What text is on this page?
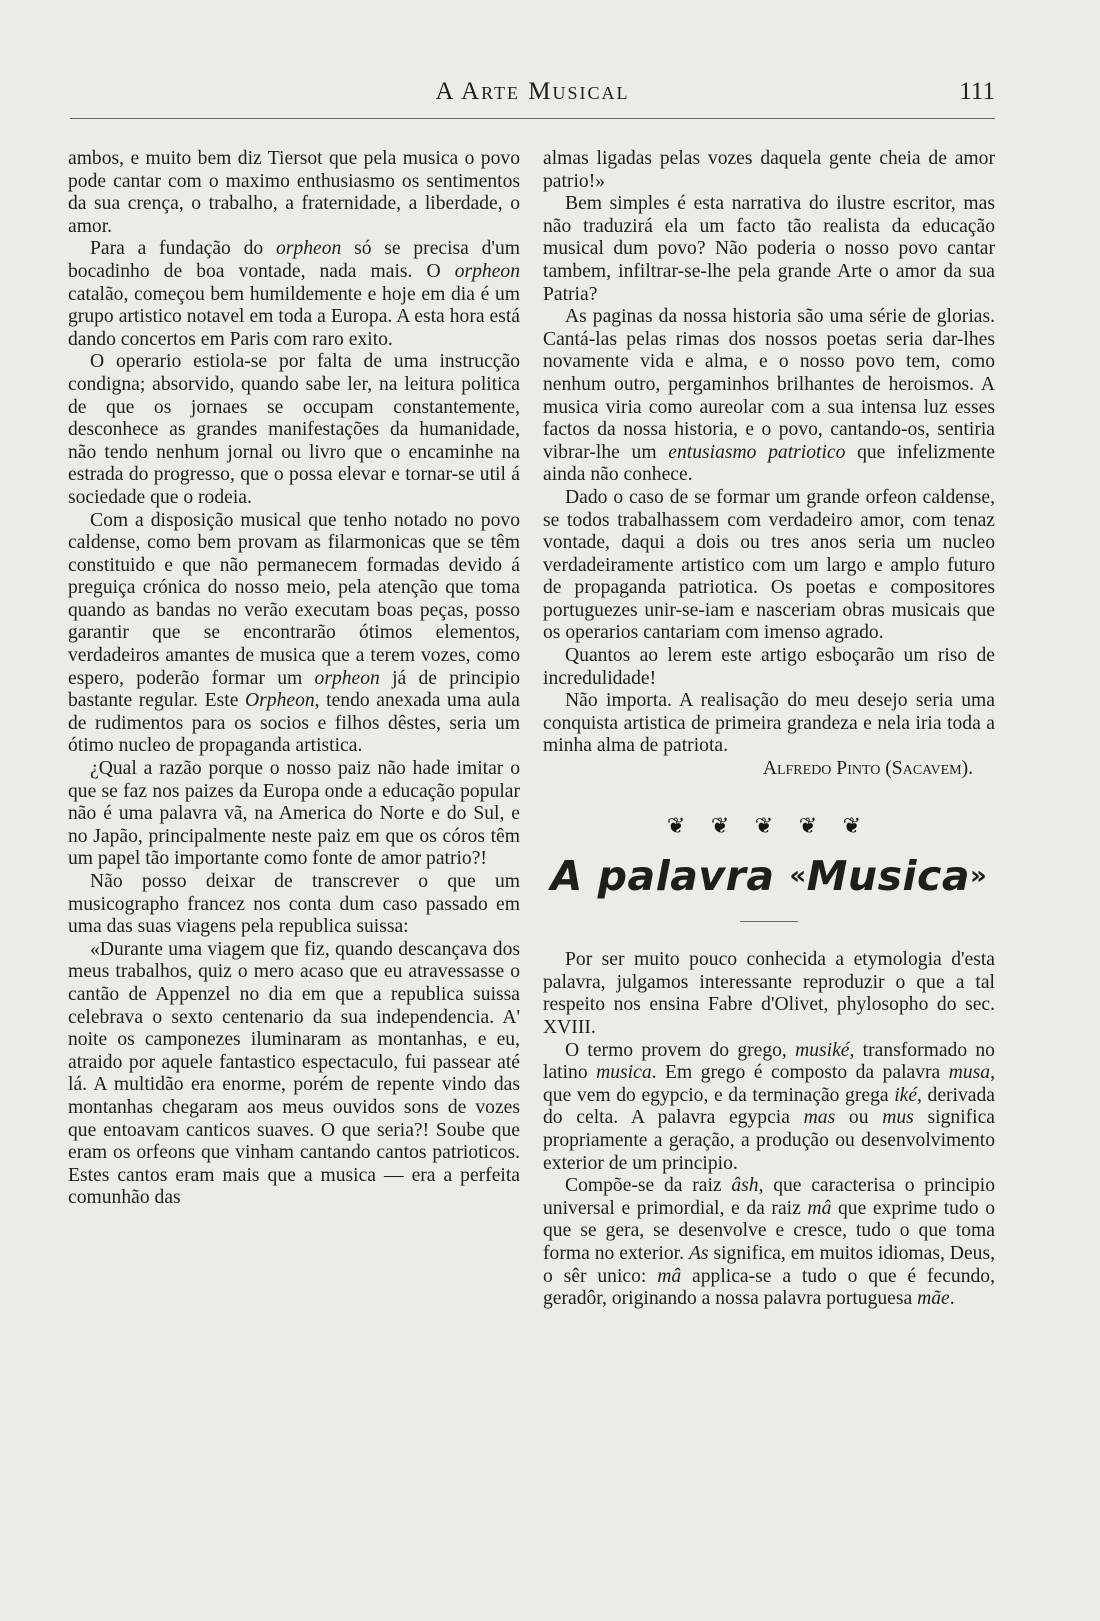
A Arte Musical	111

ambos, e muito bem diz Tiersot que pela musica o povo pode cantar com o maximo enthusiasmo os sentimentos da sua crença, o trabalho, a fraternidade, a liberdade, o amor.

Para a fundação do orpheon só se precisa d'um bocadinho de boa vontade, nada mais. O orpheon catalão, começou bem humildemente e hoje em dia é um grupo artistico notavel em toda a Europa. A esta hora está dando concertos em Paris com raro exito.

O operario estiola-se por falta de uma instrucção condigna; absorvido, quando sabe ler, na leitura politica de que os jornaes se occupam constantemente, desconhece as grandes manifestações da humanidade, não tendo nenhum jornal ou livro que o encaminhe na estrada do progresso, que o possa elevar e tornar-se util á sociedade que o rodeia.

Com a disposição musical que tenho notado no povo caldense, como bem provam as filarmonicas que se têm constituido e que não permanecem formadas devido á preguiça crónica do nosso meio, pela atenção que toma quando as bandas no verão executam boas peças, posso garantir que se encontrarão ótimos elementos, verdadeiros amantes de musica que a terem vozes, como espero, poderão formar um orpheon já de principio bastante regular. Este Orpheon, tendo anexada uma aula de rudimentos para os socios e filhos dêstes, seria um ótimo nucleo de propaganda artistica.

¿Qual a razão porque o nosso paiz não hade imitar o que se faz nos paizes da Europa onde a educação popular não é uma palavra vã, na America do Norte e do Sul, e no Japão, principalmente neste paiz em que os córos têm um papel tão importante como fonte de amor patrio?!

Não posso deixar de transcrever o que um musicographo francez nos conta dum caso passado em uma das suas viagens pela republica suissa:

«Durante uma viagem que fiz, quando descançava dos meus trabalhos, quiz o mero acaso que eu atravessasse o cantão de Appenzel no dia em que a republica suissa celebrava o sexto centenario da sua independencia. A' noite os camponezes iluminaram as montanhas, e eu, atraido por aquele fantastico espectaculo, fui passear até lá. A multidão era enorme, porém de repente vindo das montanhas chegaram aos meus ouvidos sons de vozes que entoavam canticos suaves. O que seria?! Soube que eram os orfeons que vinham cantando cantos patrioticos. Estes cantos eram mais que a musica — era a perfeita comunhão das

almas ligadas pelas vozes daquela gente cheia de amor patrio!»

Bem simples é esta narrativa do ilustre escritor, mas não traduzirá ela um facto tão realista da educação musical dum povo? Não poderia o nosso povo cantar tambem, infiltrar-se-lhe pela grande Arte o amor da sua Patria?

As paginas da nossa historia são uma série de glorias. Cantá-las pelas rimas dos nossos poetas seria dar-lhes novamente vida e alma, e o nosso povo tem, como nenhum outro, pergaminhos brilhantes de heroismos. A musica viria como aureolar com a sua intensa luz esses factos da nossa historia, e o povo, cantando-os, sentiria vibrar-lhe um entusiasmo patriotico que infelizmente ainda não conhece.

Dado o caso de se formar um grande orfeon caldense, se todos trabalhassem com verdadeiro amor, com tenaz vontade, daqui a dois ou tres anos seria um nucleo verdadeiramente artistico com um largo e amplo futuro de propaganda patriotica. Os poetas e compositores portuguezes unir-se-iam e nasceriam obras musicais que os operarios cantariam com imenso agrado.

Quantos ao lerem este artigo esboçarão um riso de incredulidade!

Não importa. A realisação do meu desejo seria uma conquista artistica de primeira grandeza e nela iria toda a minha alma de patriota.

Alfredo Pinto (Sacavem).

❦ ❦ ❦ ❦ ❦
A palavra «Musica»

Por ser muito pouco conhecida a etymologia d'esta palavra, julgamos interessante reproduzir o que a tal respeito nos ensina Fabre d'Olivet, phylosopho do sec. XVIII.

O termo provem do grego, musiké, transformado no latino musica. Em grego é composto da palavra musa, que vem do egypcio, e da terminação grega iké, derivada do celta. A palavra egypcia mas ou mus significa propriamente a geração, a produção ou desenvolvimento exterior de um principio.

Compõe-se da raiz âsh, que caracterisa o principio universal e primordial, e da raiz mâ que exprime tudo o que se gera, se desenvolve e cresce, tudo o que toma forma no exterior. As significa, em muitos idiomas, Deus, o sêr unico: mâ applica-se a tudo o que é fecundo, geradôr, originando a nossa palavra portuguesa mãe.
